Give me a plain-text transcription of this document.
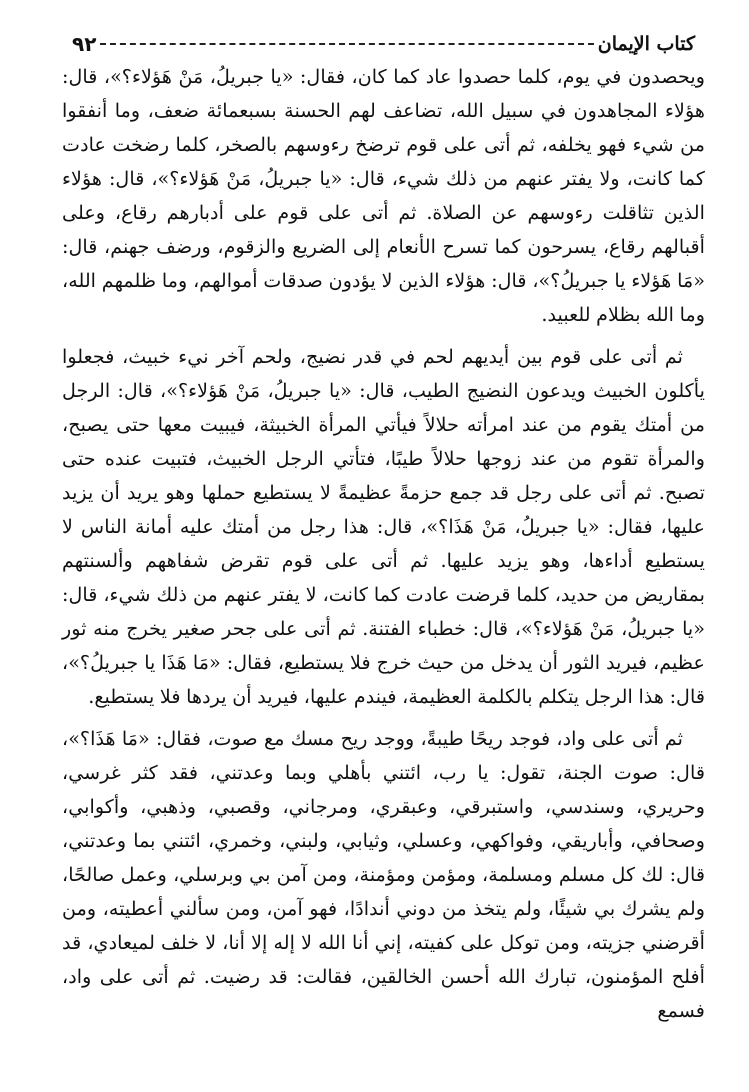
كتاب الإيمان
٩٢

ويحصدون في يوم، كلما حصدوا عاد كما كان، فقال: «يا جبريلُ، مَنْ هَؤلاء؟»، قال: هؤلاء المجاهدون في سبيل الله، تضاعف لهم الحسنة بسبعمائة ضعف، وما أنفقوا من شيء فهو يخلفه، ثم أتى على قوم ترضخ رءوسهم بالصخر، كلما رضخت عادت كما كانت، ولا يفتر عنهم من ذلك شيء، قال: «يا جبريلُ، مَنْ هَؤلاء؟»، قال: هؤلاء الذين تثاقلت رءوسهم عن الصلاة. ثم أتى على قوم على أدبارهم رقاع، وعلى أقبالهم رقاع، يسرحون كما تسرح الأنعام إلى الضريع والزقوم، ورضف جهنم، قال: «مَا هَؤلاء يا جبريلُ؟»، قال: هؤلاء الذين لا يؤدون صدقات أموالهم، وما ظلمهم الله، وما الله بظلام للعبيد.

ثم أتى على قوم بين أيديهم لحم في قدر نضيج، ولحم آخر نيء خبيث، فجعلوا يأكلون الخبيث ويدعون النضيج الطيب، قال: «يا جبريلُ، مَنْ هَؤلاء؟»، قال: الرجل من أمتك يقوم من عند امرأته حلالاً فيأتي المرأة الخبيثة، فيبيت معها حتى يصبح، والمرأة تقوم من عند زوجها حلالاً طيبًا، فتأتي الرجل الخبيث، فتبيت عنده حتى تصبح. ثم أتى على رجل قد جمع حزمةً عظيمةً لا يستطيع حملها وهو يريد أن يزيد عليها، فقال: «يا جبريلُ، مَنْ هَذَا؟»، قال: هذا رجل من أمتك عليه أمانة الناس لا يستطيع أداءها، وهو يزيد عليها. ثم أتى على قوم تقرض شفاههم وألسنتهم بمقاريض من حديد، كلما قرضت عادت كما كانت، لا يفتر عنهم من ذلك شيء، قال: «يا جبريلُ، مَنْ هَؤلاء؟»، قال: خطباء الفتنة. ثم أتى على جحر صغير يخرج منه ثور عظيم، فيريد الثور أن يدخل من حيث خرج فلا يستطيع، فقال: «مَا هَذَا يا جبريلُ؟»، قال: هذا الرجل يتكلم بالكلمة العظيمة، فيندم عليها، فيريد أن يردها فلا يستطيع.

ثم أتى على واد، فوجد ريحًا طيبةً، ووجد ريح مسك مع صوت، فقال: «مَا هَذَا؟»، قال: صوت الجنة، تقول: يا رب، ائتني بأهلي وبما وعدتني، فقد كثر غرسي، وحريري، وسندسي، واستبرقي، وعبقري، ومرجاني، وقصبي، وذهبي، وأكوابي، وصحافي، وأباريقي، وفواكهي، وعسلي، وثيابي، ولبني، وخمري، ائتني بما وعدتني، قال: لك كل مسلم ومسلمة، ومؤمن ومؤمنة، ومن آمن بي وبرسلي، وعمل صالحًا، ولم يشرك بي شيئًا، ولم يتخذ من دوني أندادًا، فهو آمن، ومن سألني أعطيته، ومن أقرضني جزيته، ومن توكل على كفيته، إني أنا الله لا إله إلا أنا، لا خلف لميعادي، قد أفلح المؤمنون، تبارك الله أحسن الخالقين، فقالت: قد رضيت. ثم أتى على واد، فسمع
